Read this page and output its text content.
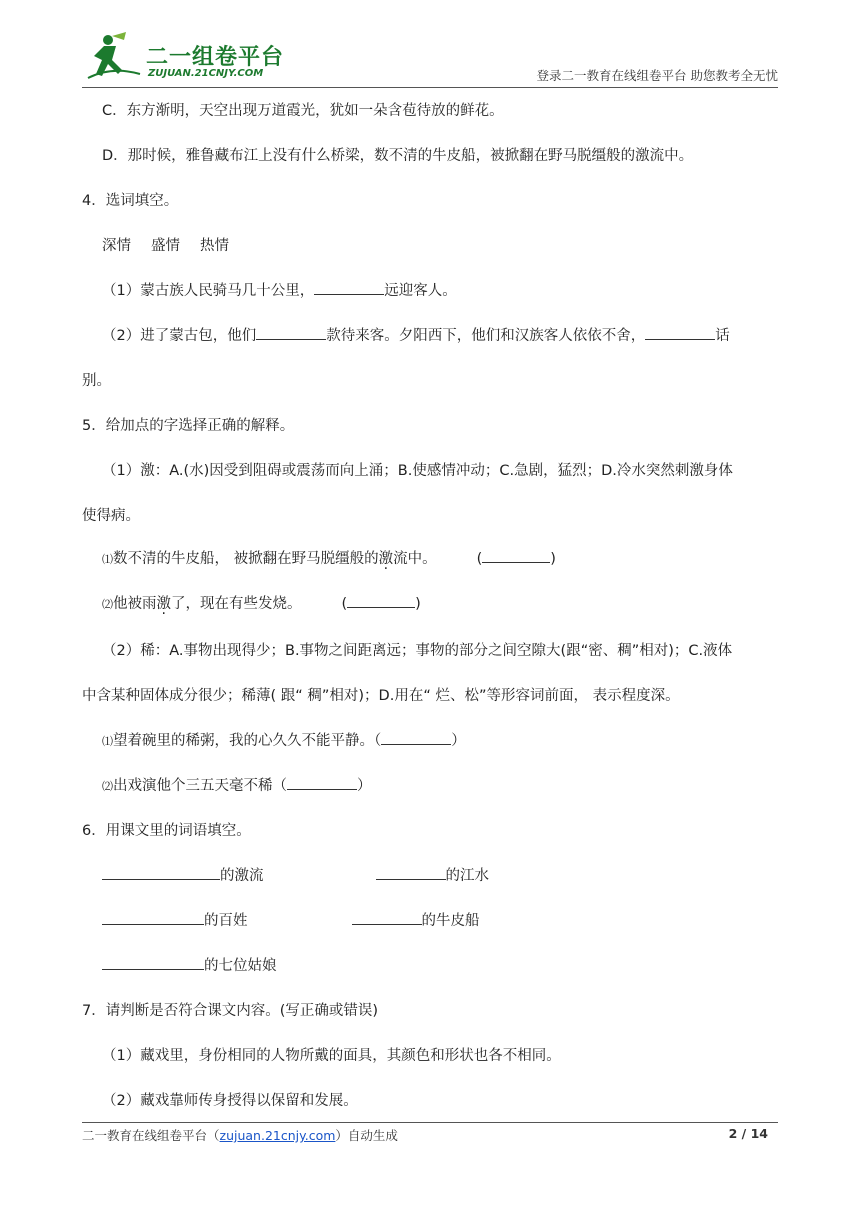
二一组卷平台
ZUJUAN.21CNJY.COM	登录二一教育在线组卷平台 助您教考全无忧

C．东方渐明，天空出现万道霞光，犹如一朵含苞待放的鲜花。

D．那时候，雅鲁藏布江上没有什么桥梁，数不清的牛皮船，被掀翻在野马脱缰般的激流中。

4．选词填空。

深情 盛情 热情

（1）蒙古族人民骑马几十公里，	远迎客人。

（2）进了蒙古包，他们	款待来客。夕阳西下，他们和汉族客人依依不舍，	话

别。

5．给加点的字选择正确的解释。

（1）激：A.(水)因受到阻碍或震荡而向上涌；B.使感情冲动；C.急剧，猛烈；D.冷水突然刺激身体

使得病。

⑴数不清的牛皮船， 被掀翻在野马脱缰般的激流中。	(	)

⑵他被雨激了，现在有些发烧。	(	)

（2）稀：A.事物出现得少；B.事物之间距离远；事物的部分之间空隙大(跟“密、稠”相对)；C.液体

中含某种固体成分很少；稀薄( 跟“ 稠”相对)；D.用在“ 烂、松”等形容词前面， 表示程度深。

⑴望着碗里的稀粥，我的心久久不能平静。（	）

⑵出戏演他个三五天毫不稀（	）

6．用课文里的词语填空。

的激流	的江水

的百姓	的牛皮船

的七位姑娘

7．请判断是否符合课文内容。(写正确或错误)

（1）藏戏里，身份相同的人物所戴的面具，其颜色和形状也各不相同。

（2）藏戏靠师传身授得以保留和发展。

二一教育在线组卷平台（zujuan.21cnjy.com）自动生成	2 / 14
